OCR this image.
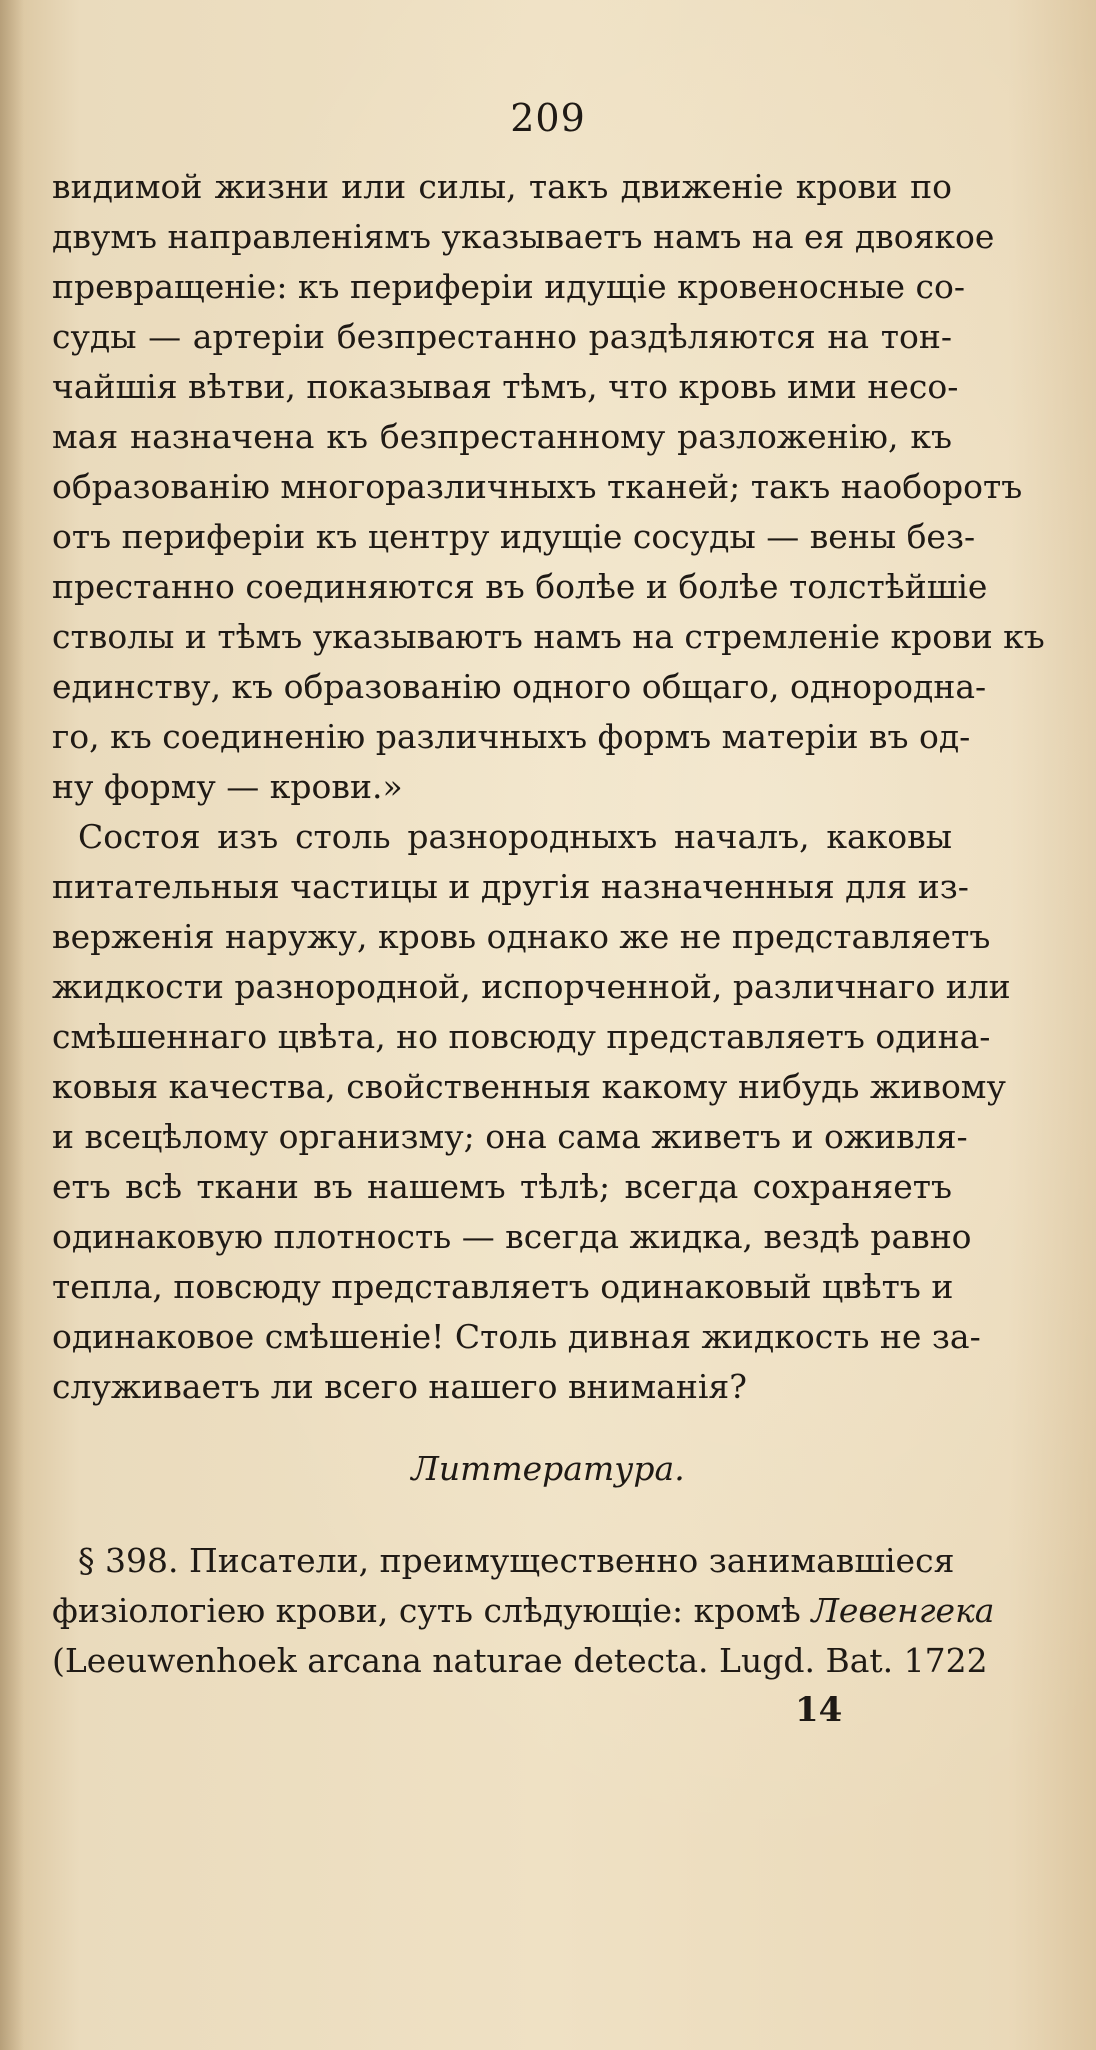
209
видимой жизни или силы, такъ движенiе крови по
двумъ направленiямъ указываетъ намъ на ея двоякое
превращенiе: къ периферiи идущiе кровеносные со-
суды — артерiи безпрестанно раздѣляются на тон-
чайшiя вѣтви, показывая тѣмъ, что кровь ими несо-
мая назначена къ безпрестанному разложенiю, къ
образованiю многоразличныхъ тканей; такъ наоборотъ
отъ периферiи къ центру идущiе сосуды — вены без-
престанно соединяются въ болѣе и болѣе толстѣйшiе
стволы и тѣмъ указываютъ намъ на стремленiе крови къ
единству, къ образованiю одного общаго, однородна-
го, къ соединенiю различныхъ формъ матерiи въ од-
ну форму — крови.»
Состоя изъ столь разнородныхъ началъ, каковы
питательныя частицы и другiя назначенныя для из-
верженiя наружу, кровь однако же не представляетъ
жидкости разнородной, испорченной, различнаго или
смѣшеннаго цвѣта, но повсюду представляетъ одина-
ковыя качества, свойственныя какому нибудь живому
и всецѣлому организму; она сама живетъ и оживля-
етъ всѣ ткани въ нашемъ тѣлѣ; всегда сохраняетъ
одинаковую плотность — всегда жидка, вездѣ равно
тепла, повсюду представляетъ одинаковый цвѣтъ и
одинаковое смѣшенiе! Столь дивная жидкость не за-
служиваетъ ли всего нашего вниманiя?
Литтература.
§ 398. Писатели, преимущественно занимавшiеся
физiологiею крови, суть слѣдующiе: кромѣ Левенгека
(Leeuwenhoek arcana naturae detecta. Lugd. Bat. 1722
14
